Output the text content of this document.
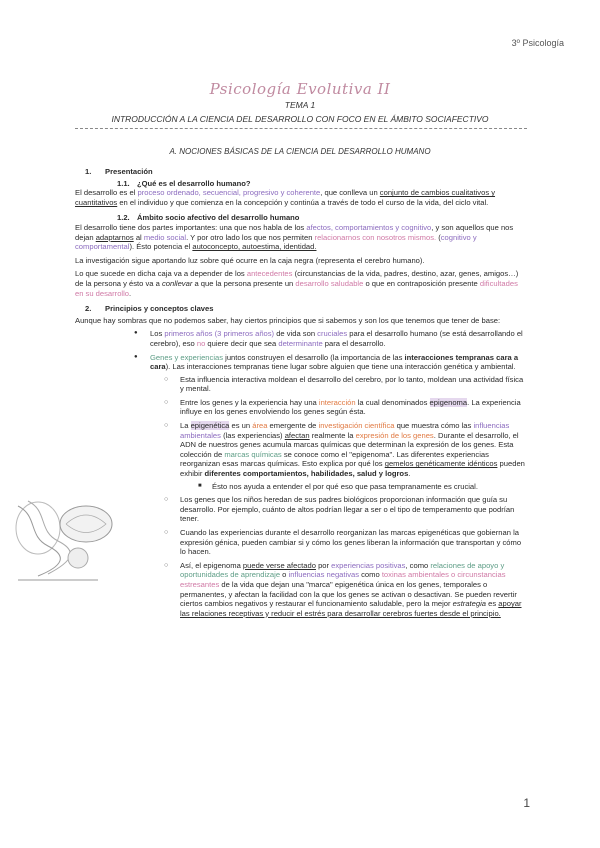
3º Psicología
Psicología Evolutiva II
TEMA 1
INTRODUCCIÓN A LA CIENCIA DEL DESARROLLO CON FOCO EN EL ÁMBITO SOCIAFECTIVO
A. NOCIONES BÁSICAS DE LA CIENCIA DEL DESARROLLO HUMANO
1. Presentación
1.1. ¿Qué es el desarrollo humano?

El desarrollo es el proceso ordenado, secuencial, progresivo y coherente, que conlleva un conjunto de cambios cualitativos y cuantitativos en el individuo y que comienza en la concepción y continúa a través de todo el curso de la vida, del ciclo vital.

1.2. Ámbito socio afectivo del desarrollo humano

El desarrollo tiene dos partes importantes: una que nos habla de los afectos, comportamientos y cognitivo, y son aquellos que nos dejan adaptarnos al medio social. Y por otro lado los que nos permiten relacionarnos con nosotros mismos. (cognitivo y comportamental). Ésto potencia el autoconcepto, autoestima, identidad.

La investigación sigue aportando luz sobre qué ocurre en la caja negra (representa el cerebro humano).

Lo que sucede en dicha caja va a depender de los antecedentes (circunstancias de la vida, padres, destino, azar, genes, amigos…) de la persona y ésto va a conllevar a que la persona presente un desarrollo saludable o que en contraposición presente dificultades en su desarrollo.

2. Principios y conceptos claves

Aunque hay sombras que no podemos saber, hay ciertos principios que si sabemos y son los que tenemos que tener de base:

● Los primeros años (3 primeros años) de vida son cruciales para el desarrollo humano (se está desarrollando el cerebro), eso no quiere decir que sea determinante para el desarrollo.
● Genes y experiencias juntos construyen el desarrollo (la importancia de las interacciones tempranas cara a cara). Las interacciones tempranas tiene lugar sobre alguien que tiene una interacción genética y ambiental.
○ Esta influencia interactiva moldean el desarrollo del cerebro, por lo tanto, moldean una actividad física y mental.
○ Entre los genes y la experiencia hay una interacción la cual denominados epigenoma. La experiencia influye en los genes envolviendo los genes según ésta.
○ La epigenética es un área emergente de investigación científica que muestra cómo las influencias ambientales (las experiencias) afectan realmente la expresión de los genes. Durante el desarrollo, el ADN de nuestros genes acumula marcas químicas que determinan la expresión de los genes. Esta colección de marcas químicas se conoce como el "epigenoma". Las diferentes experiencias reorganizan esas marcas químicas. Esto explica por qué los gemelos genéticamente idénticos pueden exhibir diferentes comportamientos, habilidades, salud y logros.
■ Ésto nos ayuda a entender el por qué eso que pasa tempranamente es crucial.
○ Los genes que los niños heredan de sus padres biológicos proporcionan información que guía su desarrollo. Por ejemplo, cuánto de altos podrían llegar a ser o el tipo de temperamento que podrían tener.
○ Cuando las experiencias durante el desarrollo reorganizan las marcas epigenéticas que gobiernan la expresión génica, pueden cambiar si y cómo los genes liberan la información que transportan y cómo lo hacen.
○ Así, el epigenoma puede verse afectado por experiencias positivas, como relaciones de apoyo y oportunidades de aprendizaje o influencias negativas como toxinas ambientales o circunstancias estresantes de la vida que dejan una "marca" epigenética única en los genes, temporales o permanentes, y afectan la facilidad con la que los genes se activan o desactivan. Se pueden revertir ciertos cambios negativos y restaurar el funcionamiento saludable, pero la mejor estrategia es apoyar las relaciones receptivas y reducir el estrés para desarrollar cerebros fuertes desde el principio.
1
